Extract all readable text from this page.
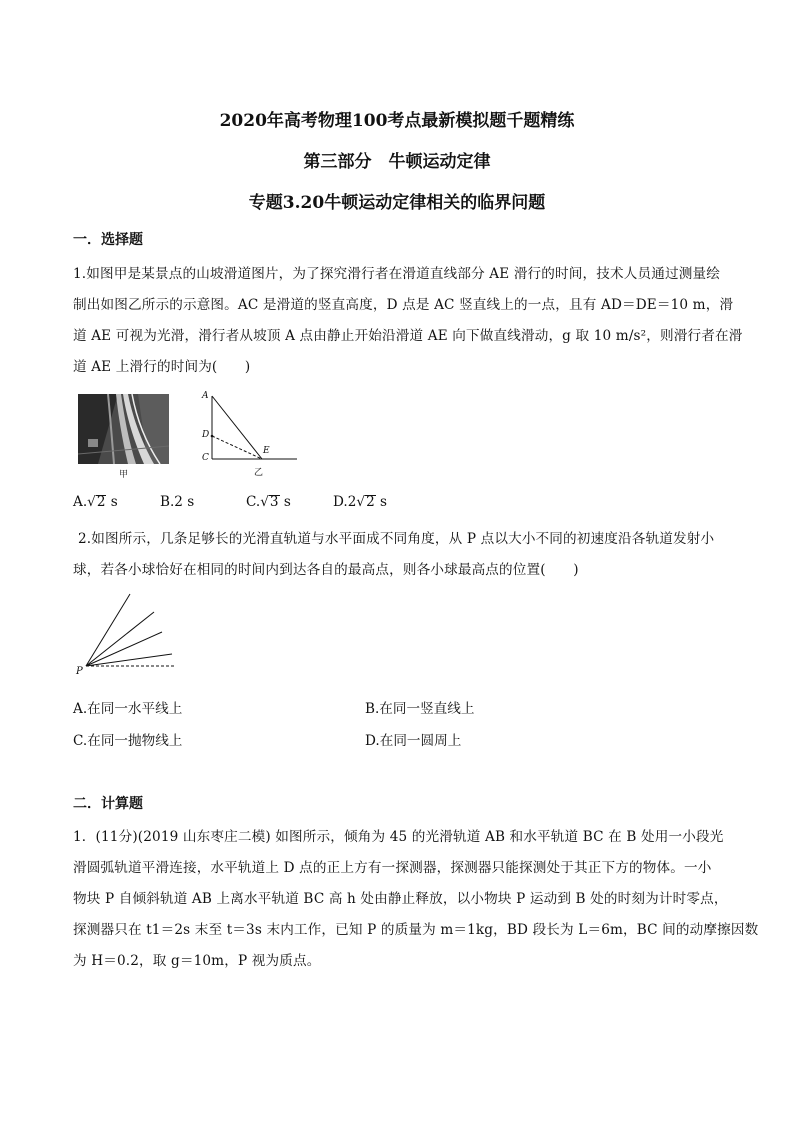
2020年高考物理100考点最新模拟题千题精练
第三部分　牛顿运动定律
专题3.20牛顿运动定律相关的临界问题
一．选择题
1.如图甲是某景点的山坡滑道图片，为了探究滑行者在滑道直线部分 AE 滑行的时间，技术人员通过测量绘
制出如图乙所示的示意图。AC 是滑道的竖直高度，D 点是 AC 竖直线上的一点，且有 AD＝DE＝10 m，滑
道 AE 可视为光滑，滑行者从坡顶 A 点由静止开始沿滑道 AE 向下做直线滑动，g 取 10 m/s²，则滑行者在滑
道 AE 上滑行的时间为(　　)
甲
A
D
C
E
乙
A.√2 s	B.2 s	C.√3 s	D.2√2 s
2.如图所示，几条足够长的光滑直轨道与水平面成不同角度，从 P 点以大小不同的初速度沿各轨道发射小
球，若各小球恰好在相同的时间内到达各自的最高点，则各小球最高点的位置(　　)
P
A.在同一水平线上	B.在同一竖直线上
C.在同一抛物线上	D.在同一圆周上
二．计算题
1．(11分)(2019 山东枣庄二模) 如图所示，倾角为 45 的光滑轨道 AB 和水平轨道 BC 在 B 处用一小段光
滑圆弧轨道平滑连接，水平轨道上 D 点的正上方有一探测器，探测器只能探测处于其正下方的物体。一小
物块 P 自倾斜轨道 AB 上离水平轨道 BC 高 h 处由静止释放，以小物块 P 运动到 B 处的时刻为计时零点，
探测器只在 t1＝2s 末至 t＝3s 末内工作，已知 P 的质量为 m＝1kg，BD 段长为 L＝6m，BC 间的动摩擦因数
为 H＝0.2，取 g＝10m，P 视为质点。
